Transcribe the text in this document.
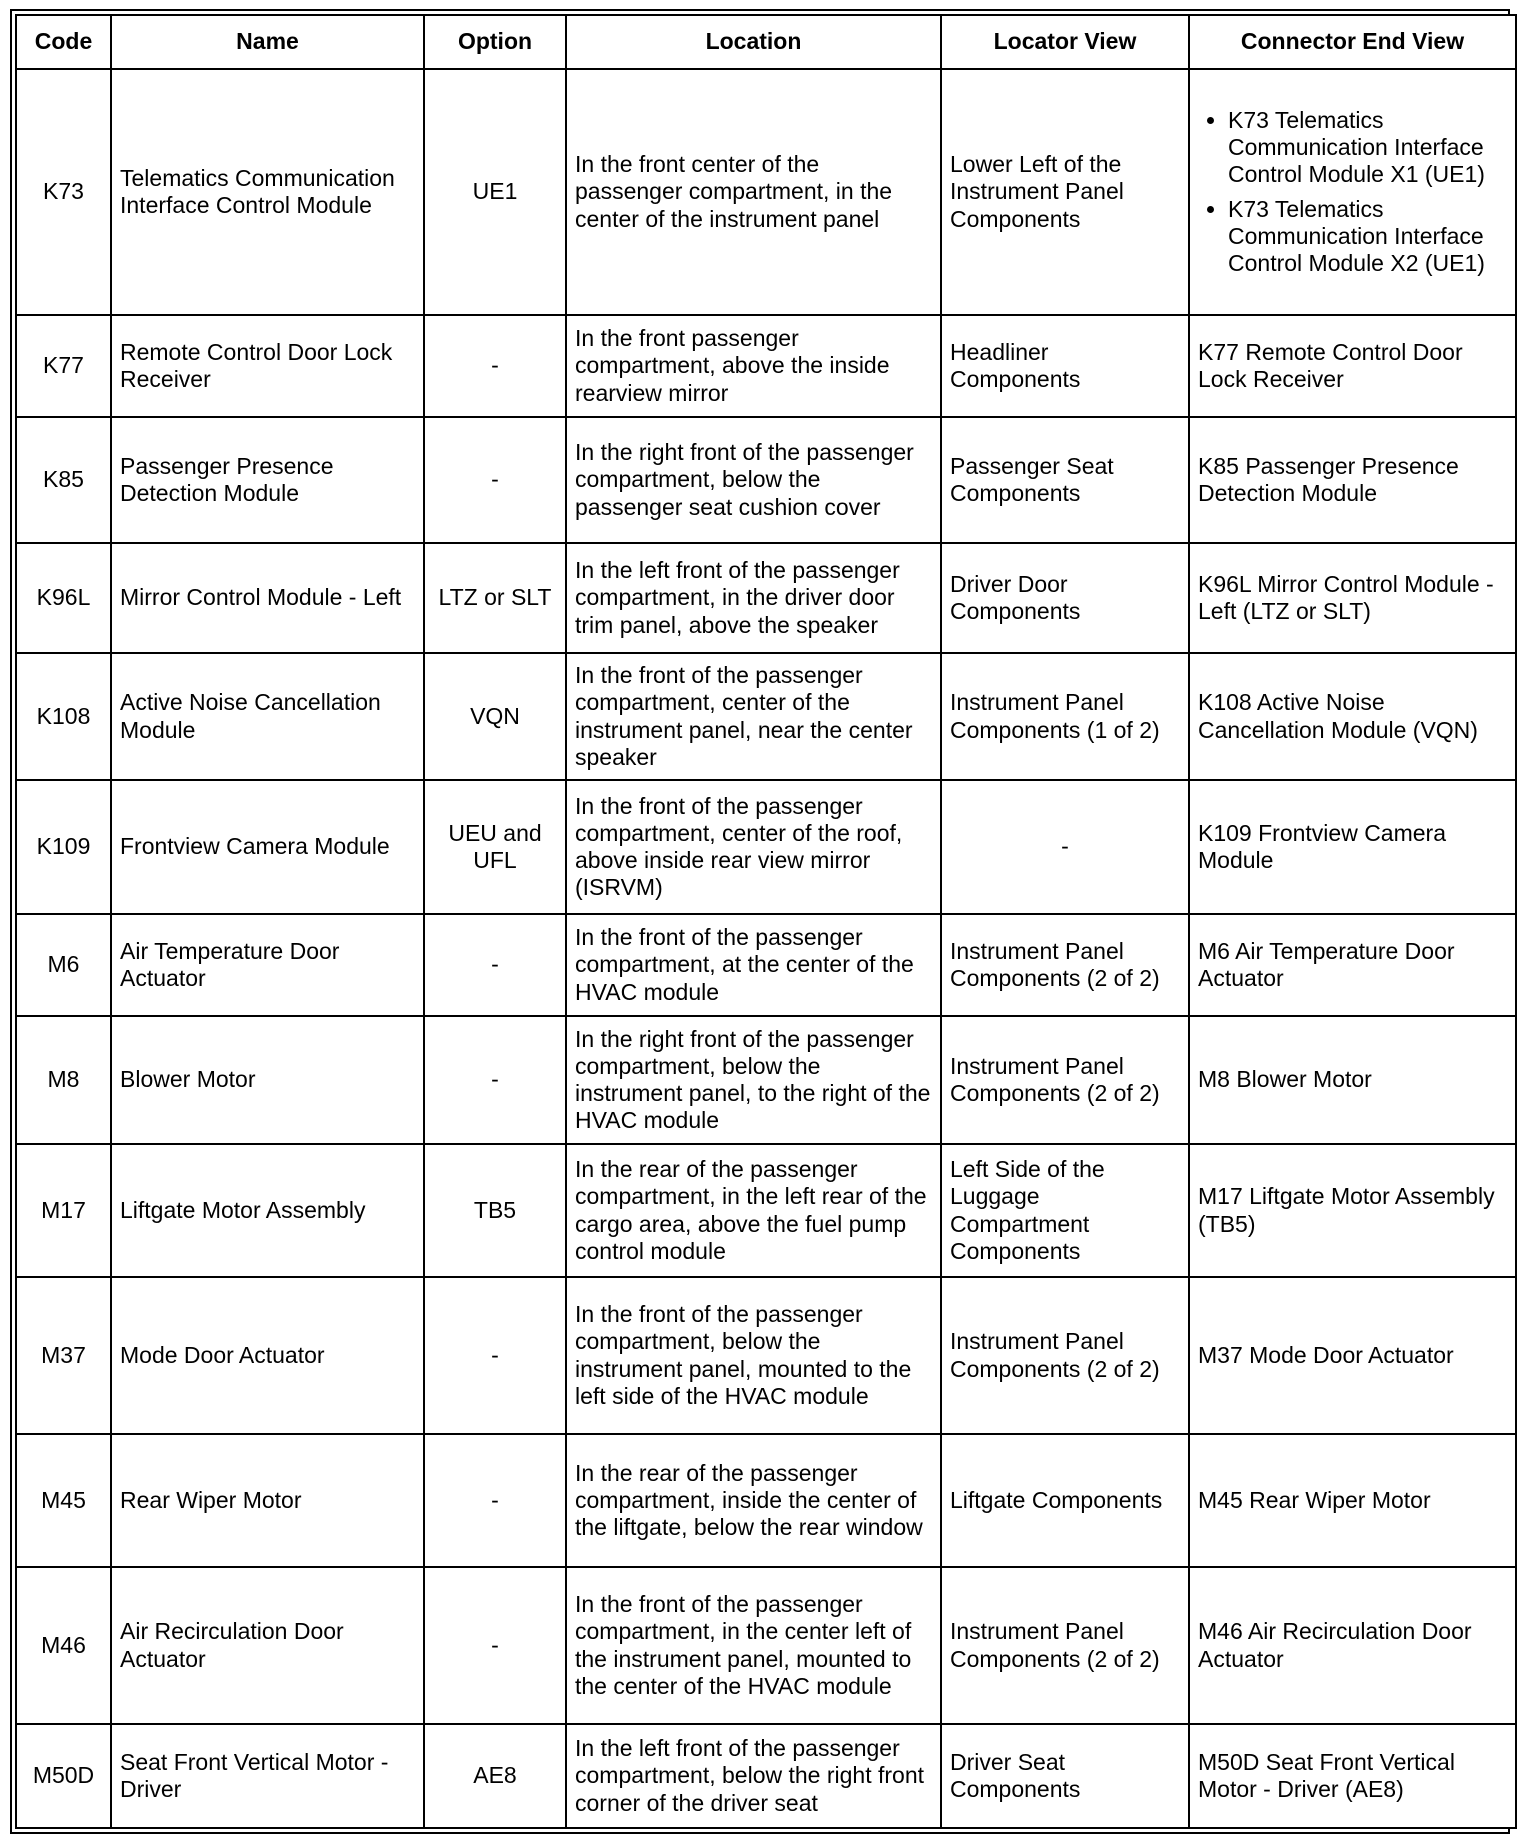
Code	Name	Option	Location	Locator View	Connector End View
K73	Telematics Communication Interface Control Module	UE1	In the front center of the passenger compartment, in the center of the instrument panel	Lower Left of the Instrument Panel Components	
• K73 Telematics Communication Interface Control Module X1 (UE1)
• K73 Telematics Communication Interface Control Module X2 (UE1)

K77	Remote Control Door Lock Receiver	-	In the front passenger compartment, above the inside rearview mirror	Headliner Components	K77 Remote Control Door Lock Receiver
K85	Passenger Presence Detection Module	-	In the right front of the passenger compartment, below the passenger seat cushion cover	Passenger Seat Components	K85 Passenger Presence Detection Module
K96L	Mirror Control Module - Left	LTZ or SLT	In the left front of the passenger compartment, in the driver door trim panel, above the speaker	Driver Door Components	K96L Mirror Control Module - Left (LTZ or SLT)
K108	Active Noise Cancellation Module	VQN	In the front of the passenger compartment, center of the instrument panel, near the center speaker	Instrument Panel Components (1 of 2)	K108 Active Noise Cancellation Module (VQN)
K109	Frontview Camera Module	UEU and UFL	In the front of the passenger compartment, center of the roof, above inside rear view mirror (ISRVM)	-	K109 Frontview Camera Module
M6	Air Temperature Door Actuator	-	In the front of the passenger compartment, at the center of the HVAC module	Instrument Panel Components (2 of 2)	M6 Air Temperature Door Actuator
M8	Blower Motor	-	In the right front of the passenger compartment, below the instrument panel, to the right of the HVAC module	Instrument Panel Components (2 of 2)	M8 Blower Motor
M17	Liftgate Motor Assembly	TB5	In the rear of the passenger compartment, in the left rear of the cargo area, above the fuel pump control module	Left Side of the Luggage Compartment Components	M17 Liftgate Motor Assembly (TB5)
M37	Mode Door Actuator	-	In the front of the passenger compartment, below the instrument panel, mounted to the left side of the HVAC module	Instrument Panel Components (2 of 2)	M37 Mode Door Actuator
M45	Rear Wiper Motor	-	In the rear of the passenger compartment, inside the center of the liftgate, below the rear window	Liftgate Components	M45 Rear Wiper Motor
M46	Air Recirculation Door Actuator	-	In the front of the passenger compartment, in the center left of the instrument panel, mounted to the center of the HVAC module	Instrument Panel Components (2 of 2)	M46 Air Recirculation Door Actuator
M50D	Seat Front Vertical Motor - Driver	AE8	In the left front of the passenger compartment, below the right front corner of the driver seat	Driver Seat Components	M50D Seat Front Vertical Motor - Driver (AE8)
